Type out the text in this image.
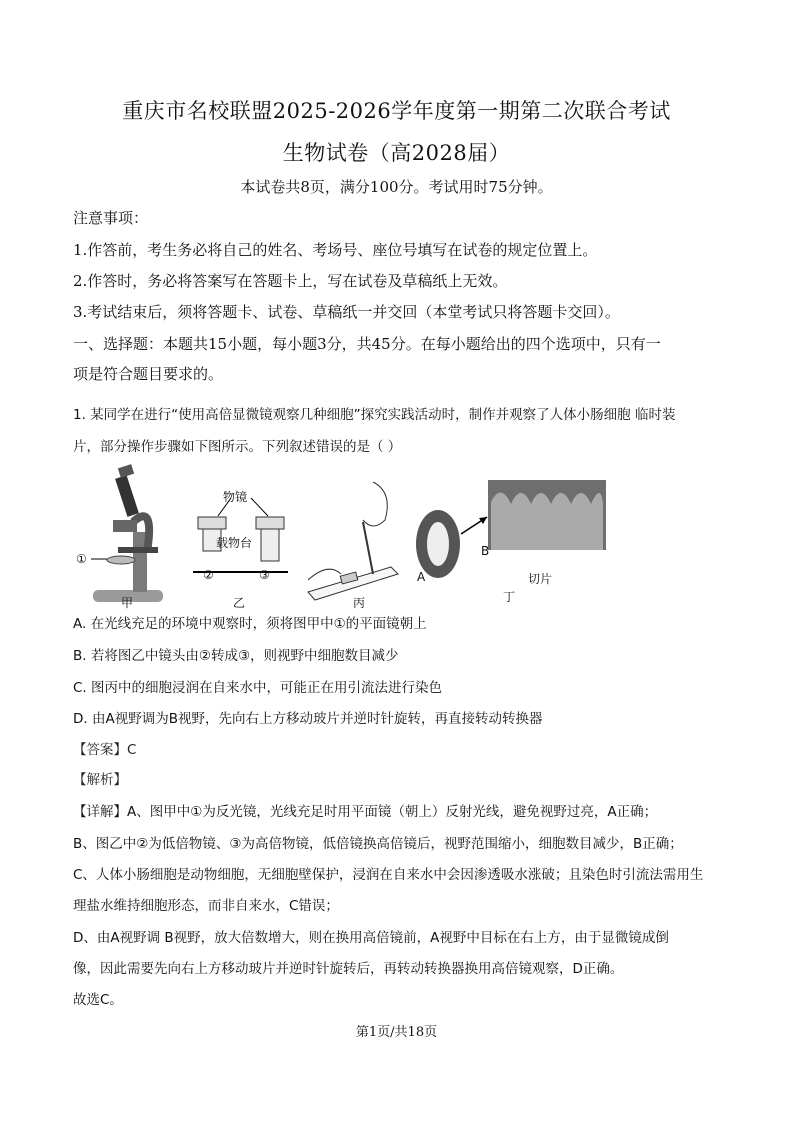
重庆市名校联盟2025-2026学年度第一期第二次联合考试
生物试卷（高2028届）
本试卷共8页，满分100分。考试用时75分钟。
注意事项：
1.作答前，考生务必将自己的姓名、考场号、座位号填写在试卷的规定位置上。
2.作答时，务必将答案写在答题卡上，写在试卷及草稿纸上无效。
3.考试结束后，须将答题卡、试卷、草稿纸一并交回（本堂考试只将答题卡交回）。
一、选择题：本题共15小题，每小题3分，共45分。在每小题给出的四个选项中，只有一
项是符合题目要求的。
1. 某同学在进行“使用高倍显微镜观察几种细胞”探究实践活动时，制作并观察了人体小肠细胞 临时装
片，部分操作步骤如下图所示。下列叙述错误的是（ ）
①
物镜
载物台
②	③	A
B
切片
甲	乙	丙	丁
A. 在光线充足的环境中观察时，须将图甲中①的平面镜朝上
B. 若将图乙中镜头由②转成③，则视野中细胞数目减少
C. 图丙中的细胞浸润在自来水中，可能正在用引流法进行染色
D. 由A视野调为B视野，先向右上方移动玻片并逆时针旋转，再直接转动转换器
【答案】C
【解析】
【详解】A、图甲中①为反光镜，光线充足时用平面镜（朝上）反射光线，避免视野过亮，A正确；
B、图乙中②为低倍物镜、③为高倍物镜，低倍镜换高倍镜后，视野范围缩小，细胞数目减少，B正确；
C、人体小肠细胞是动物细胞，无细胞壁保护，浸润在自来水中会因渗透吸水涨破；且染色时引流法需用生
理盐水维持细胞形态，而非自来水，C错误；
D、由A视野调 B视野，放大倍数增大，则在换用高倍镜前，A视野中目标在右上方，由于显微镜成倒
像，因此需要先向右上方移动玻片并逆时针旋转后，再转动转换器换用高倍镜观察，D正确。
故选C。
第1页/共18页
